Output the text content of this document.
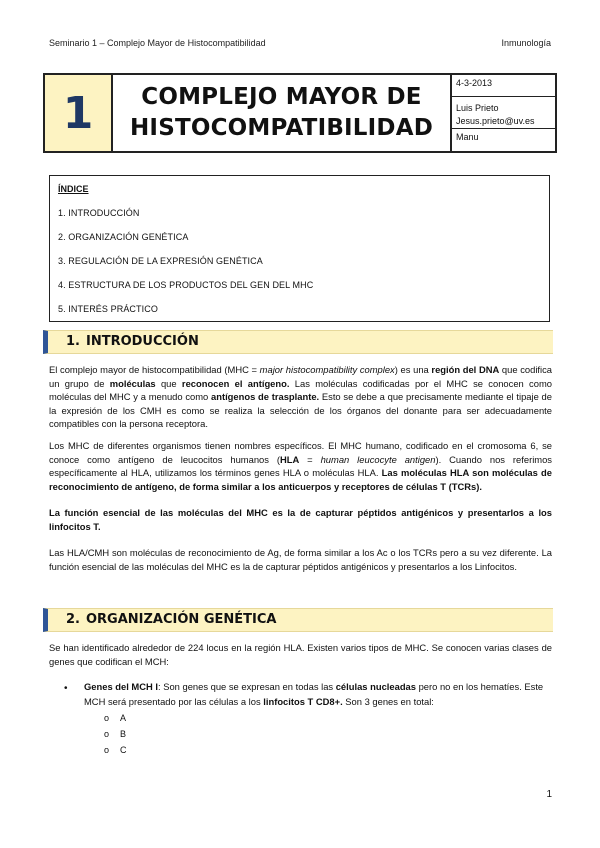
Seminario 1 – Complejo Mayor de Histocompatibilidad	Inmunología
1	COMPLEJO MAYOR DE
HISTOCOMPATIBILIDAD
4-3-2013
Luis Prieto
Jesus.prieto@uv.es
Manu
ÍNDICE
1. INTRODUCCIÓN
2. ORGANIZACIÓN GENÉTICA
3. REGULACIÓN DE LA EXPRESIÓN GENÉTICA
4. ESTRUCTURA DE LOS PRODUCTOS DEL GEN DEL MHC
5. INTERÉS PRÁCTICO
1. INTRODUCCIÓN
El complejo mayor de histocompatibilidad (MHC = major histocompatibility complex) es una región del DNA que codifica un grupo de moléculas que reconocen el antígeno. Las moléculas codificadas por el MHC se conocen como moléculas del MHC y a menudo como antígenos de trasplante. Esto se debe a que precisamente mediante el tipaje de la expresión de los CMH es como se realiza la selección de los órganos del donante para ser adecuadamente compatibles con la persona receptora.
Los MHC de diferentes organismos tienen nombres específicos. El MHC humano, codificado en el cromosoma 6, se conoce como antígeno de leucocitos humanos (HLA = human leucocyte antigen). Cuando nos referimos específicamente al HLA, utilizamos los términos genes HLA o moléculas HLA. Las moléculas HLA son moléculas de reconocimiento de antígeno, de forma similar a los anticuerpos y receptores de células T (TCRs).
La función esencial de las moléculas del MHC es la de capturar péptidos antigénicos y presentarlos a los linfocitos T.
Las HLA/CMH son moléculas de reconocimiento de Ag, de forma similar a los Ac o los TCRs pero a su vez diferente. La función esencial de las moléculas del MHC es la de capturar péptidos antigénicos y presentarlos a los Linfocitos.
2. ORGANIZACIÓN GENÉTICA
Se han identificado alrededor de 224 locus en la región HLA. Existen varios tipos de MHC. Se conocen varias clases de genes que codifican el MCH:
• Genes del MCH I: Son genes que se expresan en todas las células nucleadas pero no en los hematíes. Este MCH será presentado por las células a los linfocitos T CD8+. Son 3 genes en total:
o A
o B
o C
1
